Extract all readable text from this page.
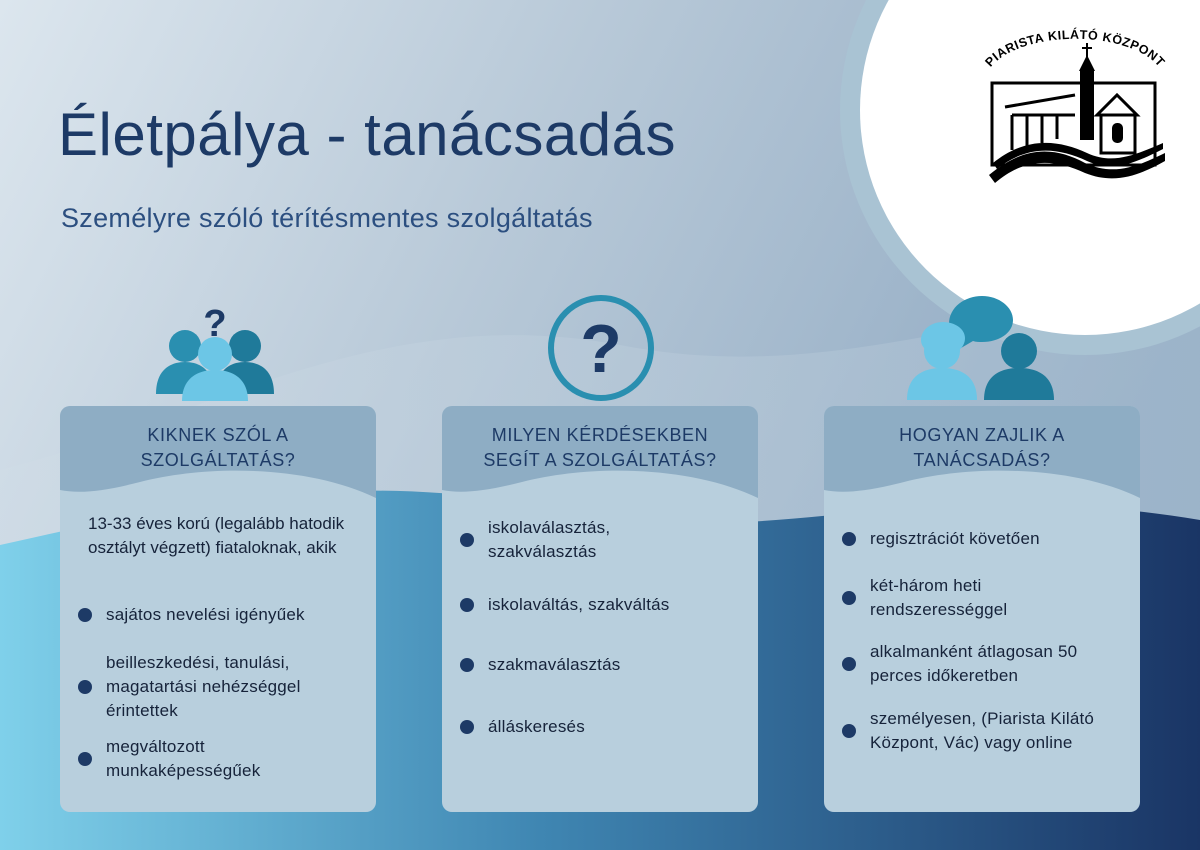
Életpálya - tanácsadás

Személyre szóló térítésmentes szolgáltatás

PIARISTA KILÁTÓ KÖZPONT
?	?
KIKNEK SZÓL A SZOLGÁLTATÁS?

13-33 éves korú (legalább hatodik osztályt végzett) fiataloknak, akik

sajátos nevelési igényűek
beilleszkedési, tanulási, magatartási nehézséggel érintettek
megváltozott munkaképességűek
MILYEN KÉRDÉSEKBEN SEGÍT A SZOLGÁLTATÁS?
iskolaválasztás, szakválasztás
iskolaváltás, szakváltás
szakmaválasztás
álláskeresés
HOGYAN ZAJLIK A TANÁCSADÁS?
regisztrációt követően
két-három heti rendszerességgel
alkalmanként átlagosan 50 perces időkeretben
személyesen, (Piarista Kilátó Központ, Vác) vagy online
